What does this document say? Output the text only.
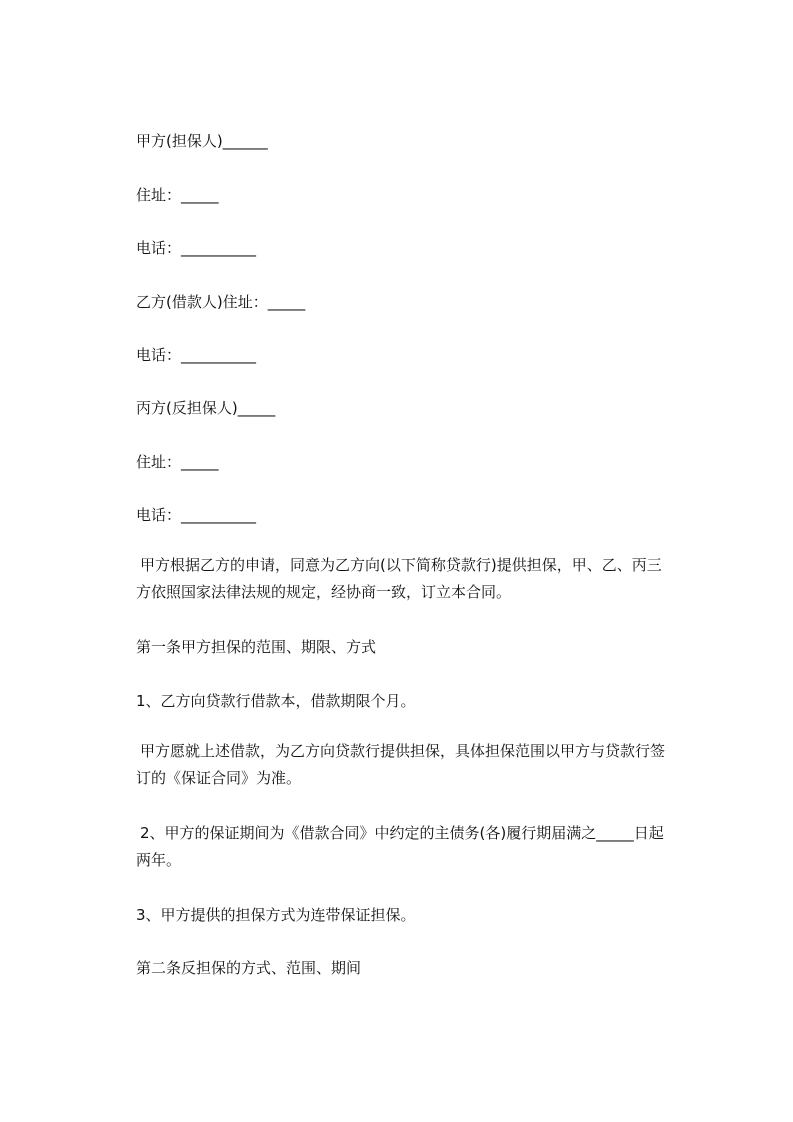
甲方(担保人)______
住址：_____
电话：__________
乙方(借款人)住址：_____
电话：__________
丙方(反担保人)_____
住址：_____
电话：__________
甲方根据乙方的申请，同意为乙方向(以下简称贷款行)提供担保，甲、乙、丙三
方依照国家法律法规的规定，经协商一致，订立本合同。
第一条甲方担保的范围、期限、方式
1、乙方向贷款行借款本，借款期限个月。
甲方愿就上述借款，为乙方向贷款行提供担保，具体担保范围以甲方与贷款行签
订的《保证合同》为准。
2、甲方的保证期间为《借款合同》中约定的主债务(各)履行期届满之_____日起
两年。
3、甲方提供的担保方式为连带保证担保。
第二条反担保的方式、范围、期间
